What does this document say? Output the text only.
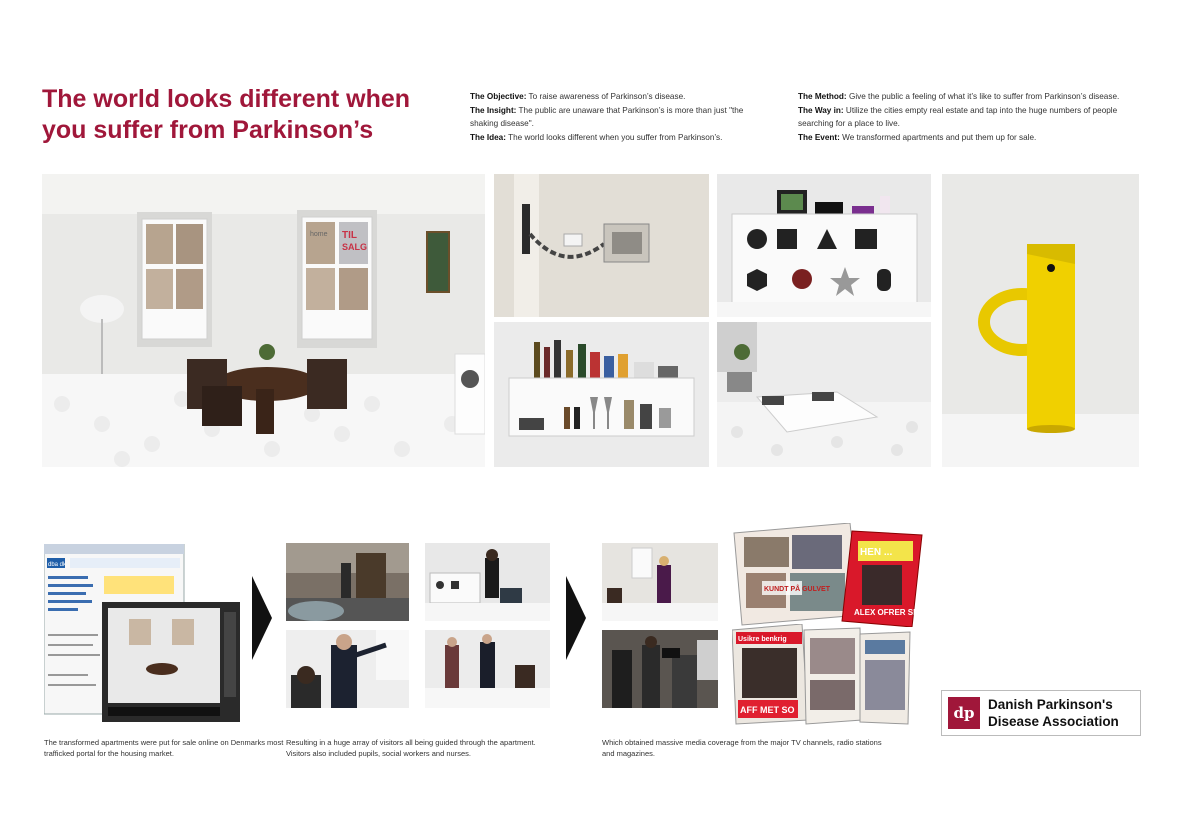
The world looks different when
you suffer from Parkinson’s

The Objective: To raise awareness of Parkinson’s disease.

The Insight: The public are unaware that Parkinson’s is more than just "the shaking disease".

The Idea: The world looks different when you suffer from Parkinson’s.

The Method: Give the public a feeling of what it’s like to suffer from Parkinson’s disease.

The Way in: Utilize the cities empty real estate and tap into the huge numbers of people searching for a place to live.

The Event: We transformed apartments and put them up for sale.

TIL
SALG
home
dba dk
KUNDT PÅ GULVET
HEN ...
ALEX OFRER SIG
Usikre benkrig
AFF MET SO
The transformed apartments were put for sale online on Denmarks most trafficked portal for the housing market.
Resulting in a huge array of visitors all being guided through the apartment. Visitors also included pupils, social workers and nurses.
Which obtained massive media coverage from the major TV channels, radio stations and magazines.
dp	Danish Parkinson's
Disease Association
